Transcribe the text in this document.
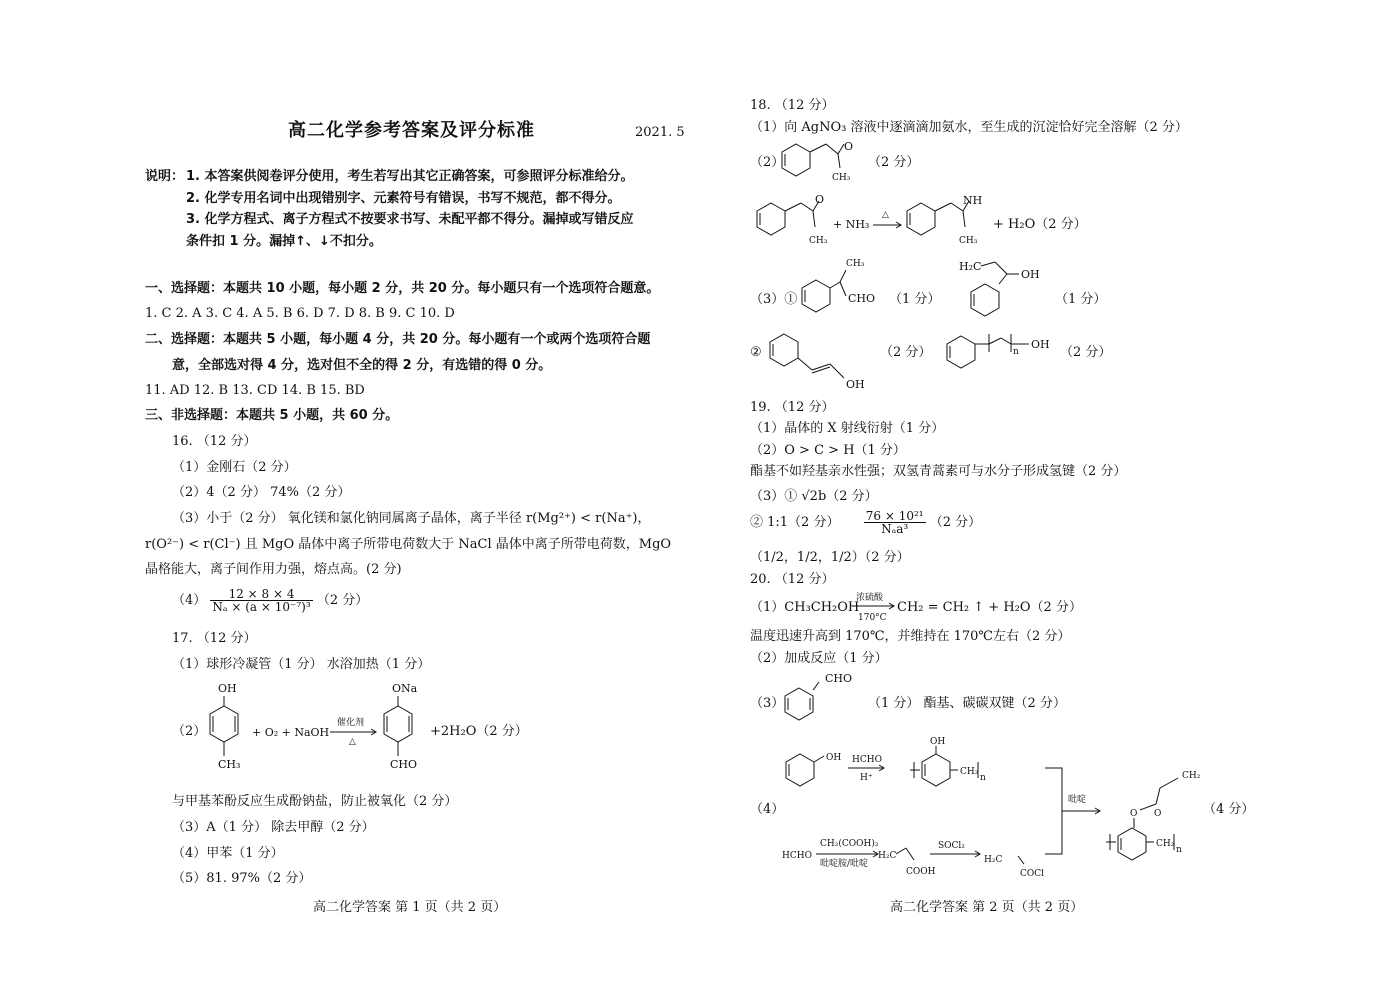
高二化学参考答案及评分标准	2021. 5
说明： 1. 本答案供阅卷评分使用，考生若写出其它正确答案，可参照评分标准给分。
2. 化学专用名词中出现错别字、元素符号有错误，书写不规范，都不得分。
3. 化学方程式、离子方程式不按要求书写、未配平都不得分。漏掉或写错反应
条件扣 1 分。漏掉↑、↓不扣分。
一、选择题：本题共 10 小题，每小题 2 分，共 20 分。每小题只有一个选项符合题意。
1. C 2. A 3. C 4. A 5. B 6. D 7. D 8. B 9. C 10. D
二、选择题：本题共 5 小题，每小题 4 分，共 20 分。每小题有一个或两个选项符合题
意，全部选对得 4 分，选对但不全的得 2 分，有选错的得 0 分。
11. AD 12. B 13. CD 14. B 15. BD
三、非选择题：本题共 5 小题，共 60 分。
16. （12 分）
（1）金刚石（2 分）
（2）4（2 分） 74%（2 分）
（3）小于（2 分） 氧化镁和氯化钠同属离子晶体，离子半径 r(Mg²⁺) < r(Na⁺)，
r(O²⁻) < r(Cl⁻) 且 MgO 晶体中离子所带电荷数大于 NaCl 晶体中离子所带电荷数，MgO
晶格能大，离子间作用力强，熔点高。(2 分)
$(4) \frac{12 \times 8 \times 4}{\text{Nₐ × (a × 10⁻⁷)³}} (2$ 分）
17. （12 分）
（1）球形冷凝管（1 分） 水浴加热（1 分）
（2）
OH
CH₃
+ O₂ + NaOH
催化剂
△
ONa
CHO
+2H₂O（2 分）
与甲基苯酚反应生成酚钠盐，防止被氧化（2 分）
（3）A（1 分） 除去甲醇（2 分）
（4）甲苯（1 分）
（5）81. 97%（2 分）
高二化学答案 第 1 页（共 2 页）
18. （12 分）
（1）向 AgNO₃ 溶液中逐滴滴加氨水，至生成的沉淀恰好完全溶解（2 分）
（2）
O
CH₃
（2 分）
O
CH₃
+ NH₃
△
NH
CH₃
+ H₂O（2 分）
（3）①
CH₃
CHO （1 分）
H₂C
OH
（1 分）
②
OH
（2 分）	n
OH
（2 分）
19. （12 分）
（1）晶体的 X 射线衍射（1 分）
（2）O > C > H（1 分）
酯基不如羟基亲水性强；双氢青蒿素可与水分子形成氢键（2 分）
（3）① √2b（2 分）
② 1:1（2 分） $\frac{\text{76 × 10²¹}}{\text{Nₐa³}} (2$ 分）
（1/2，1/2，1/2）（2 分）
20. （12 分）
（1）CH₃CH₂OH
浓硫酸
170°C
CH₂ = CH₂ ↑ + H₂O（2 分）
温度迅速升高到 170℃，并维持在 170℃左右（2 分）
（2）加成反应（1 分）
（3）
CHO
（1 分） 酯基、碳碳双键（2 分）
（4）
OH HCHO
H⁺
OH
CH₂
n
吡啶
CH₂
O
O
CH₂
n
HCHO
CH₂(COOH)₂
吡啶胺/吡啶
H₂C
COOH
SOCl₂
H₂C
COCl
（4 分）
高二化学答案 第 2 页（共 2 页）
